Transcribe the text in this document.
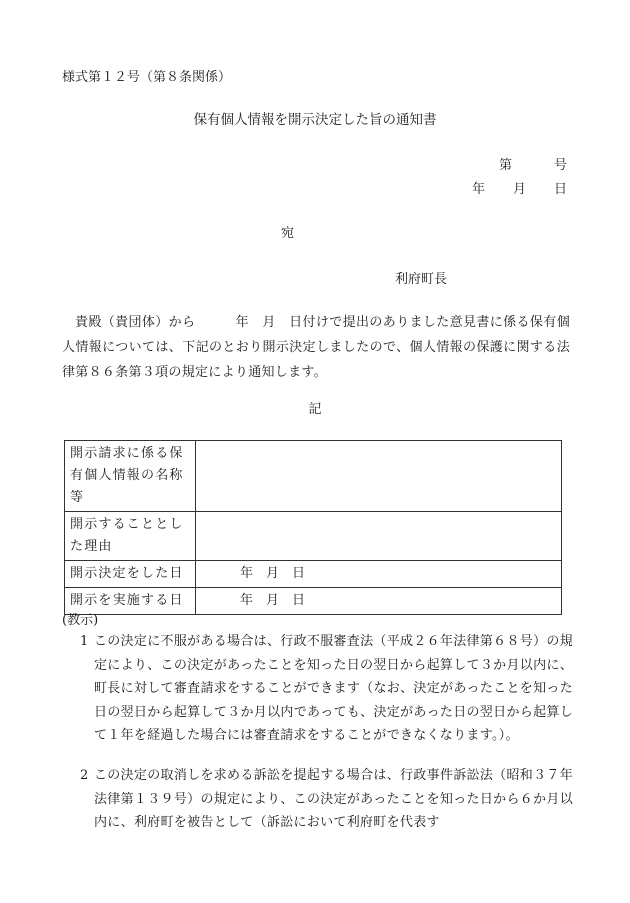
様式第１２号（第８条関係）
保有個人情報を開示決定した旨の通知書
第	号
年 月 日
宛
利府町長
貴殿（貴団体）から　　　年　月　日付けで提出のありました意見書に係る保有個人情報については、下記のとおり開示決定しましたので、個人情報の保護に関する法律第８６条第３項の規定により通知します。
記
開示請求に係る保有個人情報の名称等	
開示することとした理由	
開示決定をした日	　　　年　月　日
開示を実施する日	　　　年　月　日
(教示)
1 この決定に不服がある場合は、行政不服審査法（平成２６年法律第６８号）の規定により、この決定があったことを知った日の翌日から起算して３か月以内に、町長に対して審査請求をすることができます（なお、決定があったことを知った日の翌日から起算して３か月以内であっても、決定があった日の翌日から起算して１年を経過した場合には審査請求をすることができなくなります。）。
2 この決定の取消しを求める訴訟を提起する場合は、行政事件訴訟法（昭和３７年法律第１３９号）の規定により、この決定があったことを知った日から６か月以内に、利府町を被告として（訴訟において利府町を代表す
